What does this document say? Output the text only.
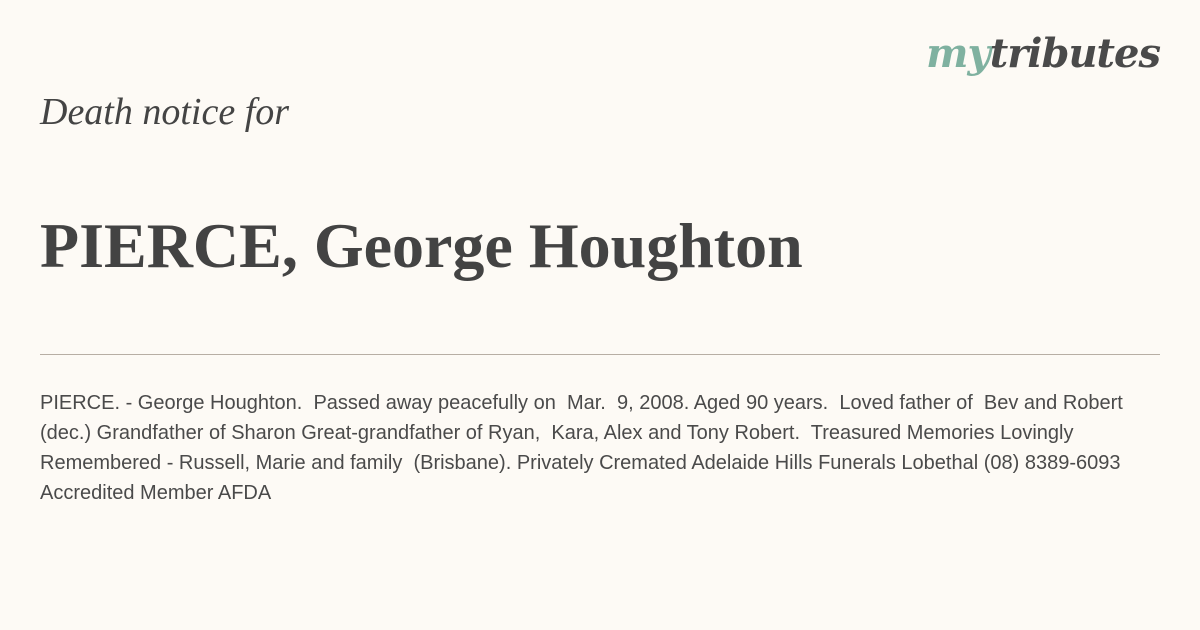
mytributes
Death notice for
PIERCE, George Houghton

PIERCE. - George Houghton.  Passed away peacefully on  Mar.  9, 2008. Aged 90 years.  Loved father of  Bev and Robert (dec.) Grandfather of Sharon Great-grandfather of Ryan,  Kara, Alex and Tony Robert.  Treasured Memories Lovingly Remembered - Russell, Marie and family  (Brisbane). Privately Cremated Adelaide Hills Funerals Lobethal (08) 8389-6093 Accredited Member AFDA
